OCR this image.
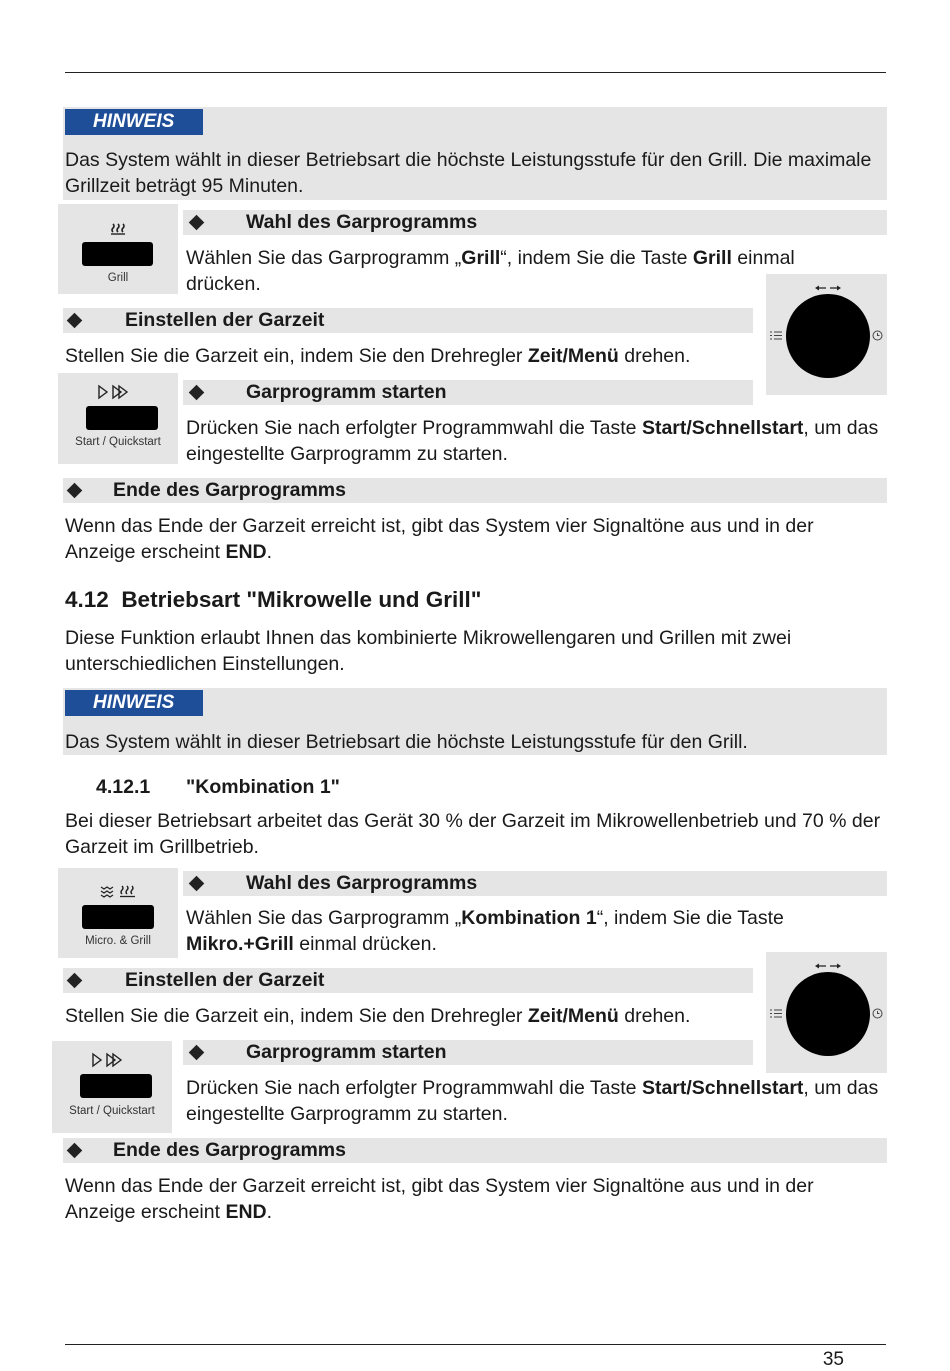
HINWEIS

Das System wählt in dieser Betriebsart die höchste Leistungsstufe für den Grill. Die maximale Grillzeit beträgt 95 Minuten.

Grill
Wahl des Garprogramms

Wählen Sie das Garprogramm „Grill“, indem Sie die Taste Grill einmal drücken.

Einstellen der Garzeit

Stellen Sie die Garzeit ein, indem Sie den Drehregler Zeit/Menü drehen.

Start / Quickstart
Garprogramm starten

Drücken Sie nach erfolgter Programmwahl die Taste Start/Schnellstart, um das eingestellte Garprogramm zu starten.

Ende des Garprogramms

Wenn das Ende der Garzeit erreicht ist, gibt das System vier Signaltöne aus und in der Anzeige erscheint END.

4.12 Betriebsart "Mikrowelle und Grill"

Diese Funktion erlaubt Ihnen das kombinierte Mikrowellengaren und Grillen mit zwei unterschiedlichen Einstellungen.

HINWEIS

Das System wählt in dieser Betriebsart die höchste Leistungsstufe für den Grill.

4.12.1 "Kombination 1"

Bei dieser Betriebsart arbeitet das Gerät 30 % der Garzeit im Mikrowellenbetrieb und 70 % der Garzeit im Grillbetrieb.

Micro. & Grill
Wahl des Garprogramms

Wählen Sie das Garprogramm „Kombination 1“, indem Sie die Taste Mikro.+Grill einmal drücken.

Einstellen der Garzeit

Stellen Sie die Garzeit ein, indem Sie den Drehregler Zeit/Menü drehen.

Start / Quickstart
Garprogramm starten

Drücken Sie nach erfolgter Programmwahl die Taste Start/Schnellstart, um das eingestellte Garprogramm zu starten.

Ende des Garprogramms

Wenn das Ende der Garzeit erreicht ist, gibt das System vier Signaltöne aus und in der Anzeige erscheint END.

35
